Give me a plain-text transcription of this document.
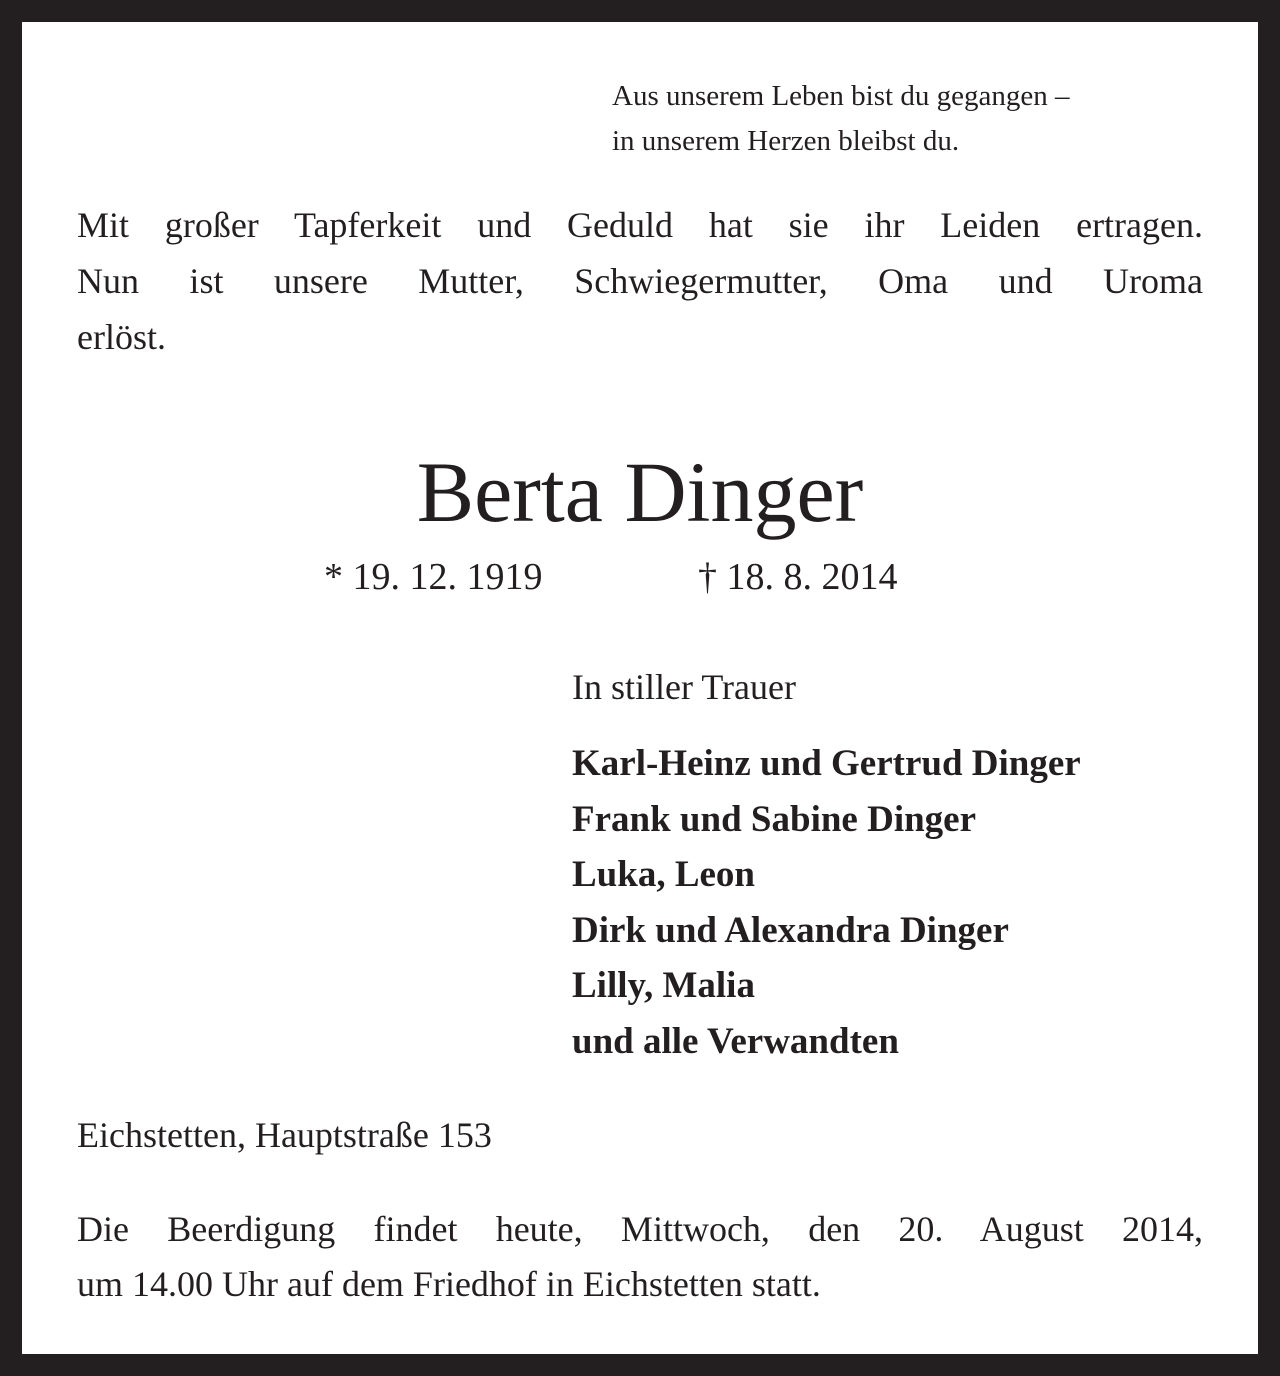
Aus unserem Leben bist du gegangen –
in unserem Herzen bleibst du.
Mit großer Tapferkeit und Geduld hat sie ihr Leiden ertragen.
Nun ist unsere Mutter, Schwiegermutter, Oma und Uroma
erlöst.
Berta Dinger
* 19. 12. 1919	† 18. 8. 2014
In stiller Trauer
Karl-Heinz und Gertrud Dinger
Frank und Sabine Dinger
Luka, Leon
Dirk und Alexandra Dinger
Lilly, Malia
und alle Verwandten
Eichstetten, Hauptstraße 153
Die Beerdigung findet heute, Mittwoch, den 20. August 2014,
um 14.00 Uhr auf dem Friedhof in Eichstetten statt.
